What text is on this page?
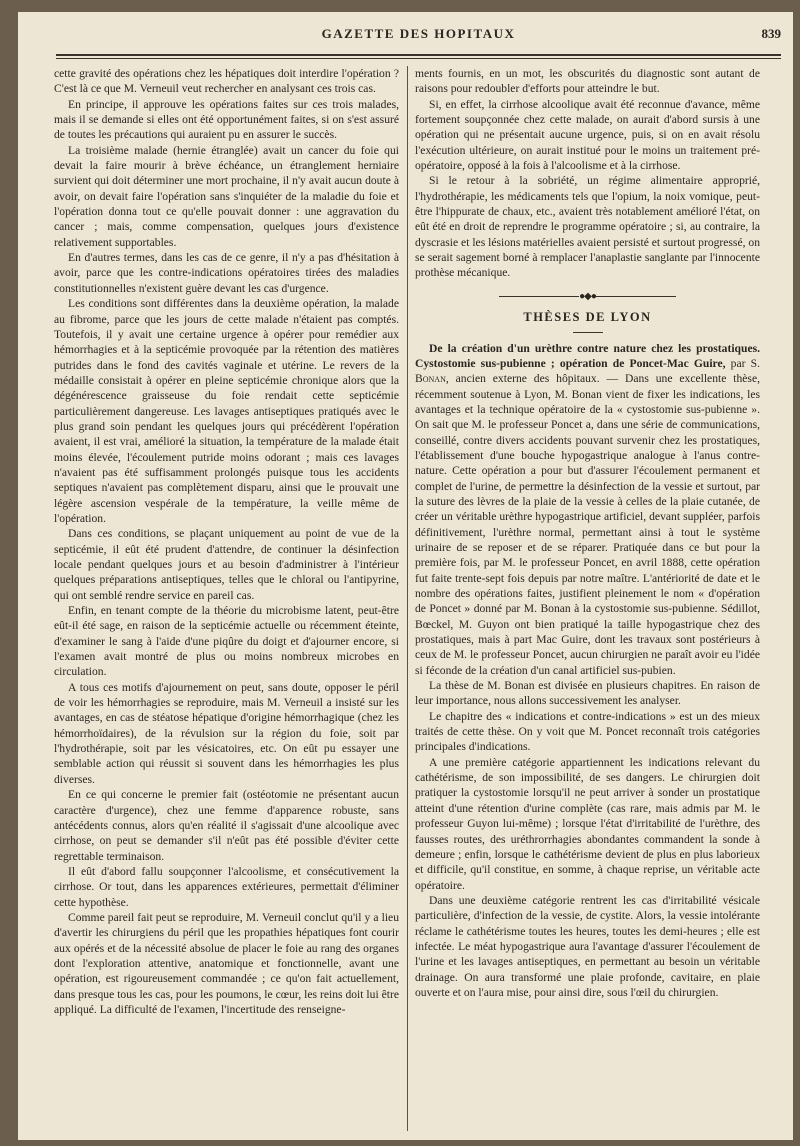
GAZETTE DES HOPITAUX	839

cette gravité des opérations chez les hépatiques doit interdire l'opération ? C'est là ce que M. Verneuil veut rechercher en analysant ces trois cas.

En principe, il approuve les opérations faites sur ces trois malades, mais il se demande si elles ont été opportunément faites, si on s'est assuré de toutes les précautions qui auraient pu en assurer le succès.

La troisième malade (hernie étranglée) avait un cancer du foie qui devait la faire mourir à brève échéance, un étranglement herniaire survient qui doit déterminer une mort prochaine, il n'y avait aucun doute à avoir, on devait faire l'opération sans s'inquiéter de la maladie du foie et l'opération donna tout ce qu'elle pouvait donner : une aggravation du cancer ; mais, comme compensation, quelques jours d'existence relativement supportables.

En d'autres termes, dans les cas de ce genre, il n'y a pas d'hésitation à avoir, parce que les contre-indications opératoires tirées des maladies constitutionnelles n'existent guère devant les cas d'urgence.

Les conditions sont différentes dans la deuxième opération, la malade au fibrome, parce que les jours de cette malade n'étaient pas comptés. Toutefois, il y avait une certaine urgence à opérer pour remédier aux hémorrhagies et à la septicémie provoquée par la rétention des matières putrides dans le fond des cavités vaginale et utérine. Le revers de la médaille consistait à opérer en pleine septicémie chronique alors que la dégénérescence graisseuse du foie rendait cette septicémie particulièrement dangereuse. Les lavages antiseptiques pratiqués avec le plus grand soin pendant les quelques jours qui précédèrent l'opération avaient, il est vrai, amélioré la situation, la température de la malade était moins élevée, l'écoulement putride moins odorant ; mais ces lavages n'avaient pas été suffisamment prolongés puisque tous les accidents septiques n'avaient pas complètement disparu, ainsi que le prouvait une légère ascension vespérale de la température, la veille même de l'opération.

Dans ces conditions, se plaçant uniquement au point de vue de la septicémie, il eût été prudent d'attendre, de continuer la désinfection locale pendant quelques jours et au besoin d'administrer à l'intérieur quelques préparations antiseptiques, telles que le chloral ou l'antipyrine, qui ont semblé rendre service en pareil cas.

Enfin, en tenant compte de la théorie du microbisme latent, peut-être eût-il été sage, en raison de la septicémie actuelle ou récemment éteinte, d'examiner le sang à l'aide d'une piqûre du doigt et d'ajourner encore, si l'examen avait montré de plus ou moins nombreux microbes en circulation.

A tous ces motifs d'ajournement on peut, sans doute, opposer le péril de voir les hémorrhagies se reproduire, mais M. Verneuil a insisté sur les avantages, en cas de stéatose hépatique d'origine hémorrhagique (chez les hémorrhoïdaires), de la révulsion sur la région du foie, soit par l'hydrothérapie, soit par les vésicatoires, etc. On eût pu essayer une semblable action qui réussit si souvent dans les hémorrhagies les plus diverses.

En ce qui concerne le premier fait (ostéotomie ne présentant aucun caractère d'urgence), chez une femme d'apparence robuste, sans antécédents connus, alors qu'en réalité il s'agissait d'une alcoolique avec cirrhose, on peut se demander s'il n'eût pas été possible d'éviter cette regrettable terminaison.

Il eût d'abord fallu soupçonner l'alcoolisme, et consécutivement la cirrhose. Or tout, dans les apparences extérieures, permettait d'éliminer cette hypothèse.

Comme pareil fait peut se reproduire, M. Verneuil conclut qu'il y a lieu d'avertir les chirurgiens du péril que les propathies hépatiques font courir aux opérés et de la nécessité absolue de placer le foie au rang des organes dont l'exploration attentive, anatomique et fonctionnelle, avant une opération, est rigoureusement commandée ; ce qu'on fait actuellement, dans presque tous les cas, pour les poumons, le cœur, les reins doit lui être appliqué. La difficulté de l'examen, l'incertitude des renseigne-

ments fournis, en un mot, les obscurités du diagnostic sont autant de raisons pour redoubler d'efforts pour atteindre le but.

Si, en effet, la cirrhose alcoolique avait été reconnue d'avance, même fortement soupçonnée chez cette malade, on aurait d'abord sursis à une opération qui ne présentait aucune urgence, puis, si on en avait résolu l'exécution ultérieure, on aurait institué pour le moins un traitement pré-opératoire, opposé à la fois à l'alcoolisme et à la cirrhose.

Si le retour à la sobriété, un régime alimentaire approprié, l'hydrothérapie, les médicaments tels que l'opium, la noix vomique, peut-être l'hippurate de chaux, etc., avaient très notablement amélioré l'état, on eût été en droit de reprendre le programme opératoire ; si, au contraire, la dyscrasie et les lésions matérielles avaient persisté et surtout progressé, on se serait sagement borné à remplacer l'anaplastie sanglante par l'innocente prothèse mécanique.

●◆●
THÈSES DE LYON

De la création d'un urèthre contre nature chez les prostatiques. Cystostomie sus-pubienne ; opération de Poncet-Mac Guire, par S. Bonan, ancien externe des hôpitaux. — Dans une excellente thèse, récemment soutenue à Lyon, M. Bonan vient de fixer les indications, les avantages et la technique opératoire de la « cystostomie sus-pubienne ». On sait que M. le professeur Poncet a, dans une série de communications, conseillé, contre divers accidents pouvant survenir chez les prostatiques, l'établissement d'une bouche hypogastrique analogue à l'anus contre-nature. Cette opération a pour but d'assurer l'écoulement permanent et complet de l'urine, de permettre la désinfection de la vessie et surtout, par la suture des lèvres de la plaie de la vessie à celles de la plaie cutanée, de créer un véritable urèthre hypogastrique artificiel, devant suppléer, parfois définitivement, l'urèthre normal, permettant ainsi à tout le système urinaire de se reposer et de se réparer. Pratiquée dans ce but pour la première fois, par M. le professeur Poncet, en avril 1888, cette opération fut faite trente-sept fois depuis par notre maître. L'antériorité de date et le nombre des opérations faites, justifient pleinement le nom « d'opération de Poncet » donné par M. Bonan à la cystostomie sus-pubienne. Sédillot, Bœckel, M. Guyon ont bien pratiqué la taille hypogastrique chez des prostatiques, mais à part Mac Guire, dont les travaux sont postérieurs à ceux de M. le professeur Poncet, aucun chirurgien ne paraît avoir eu l'idée si féconde de la création d'un canal artificiel sus-pubien.

La thèse de M. Bonan est divisée en plusieurs chapitres. En raison de leur importance, nous allons successivement les analyser.

Le chapitre des « indications et contre-indications » est un des mieux traités de cette thèse. On y voit que M. Poncet reconnaît trois catégories principales d'indications.

A une première catégorie appartiennent les indications relevant du cathétérisme, de son impossibilité, de ses dangers. Le chirurgien doit pratiquer la cystostomie lorsqu'il ne peut arriver à sonder un prostatique atteint d'une rétention d'urine complète (cas rare, mais admis par M. le professeur Guyon lui-même) ; lorsque l'état d'irritabilité de l'urèthre, des fausses routes, des uréthrorrhagies abondantes commandent la sonde à demeure ; enfin, lorsque le cathétérisme devient de plus en plus laborieux et difficile, qu'il constitue, en somme, à chaque reprise, un véritable acte opératoire.

Dans une deuxième catégorie rentrent les cas d'irritabilité vésicale particulière, d'infection de la vessie, de cystite. Alors, la vessie intolérante réclame le cathétérisme toutes les heures, toutes les demi-heures ; elle est infectée. Le méat hypogastrique aura l'avantage d'assurer l'écoulement de l'urine et les lavages antiseptiques, en permettant au besoin un véritable drainage. On aura transformé une plaie profonde, cavitaire, en plaie ouverte et on l'aura mise, pour ainsi dire, sous l'œil du chirurgien.
